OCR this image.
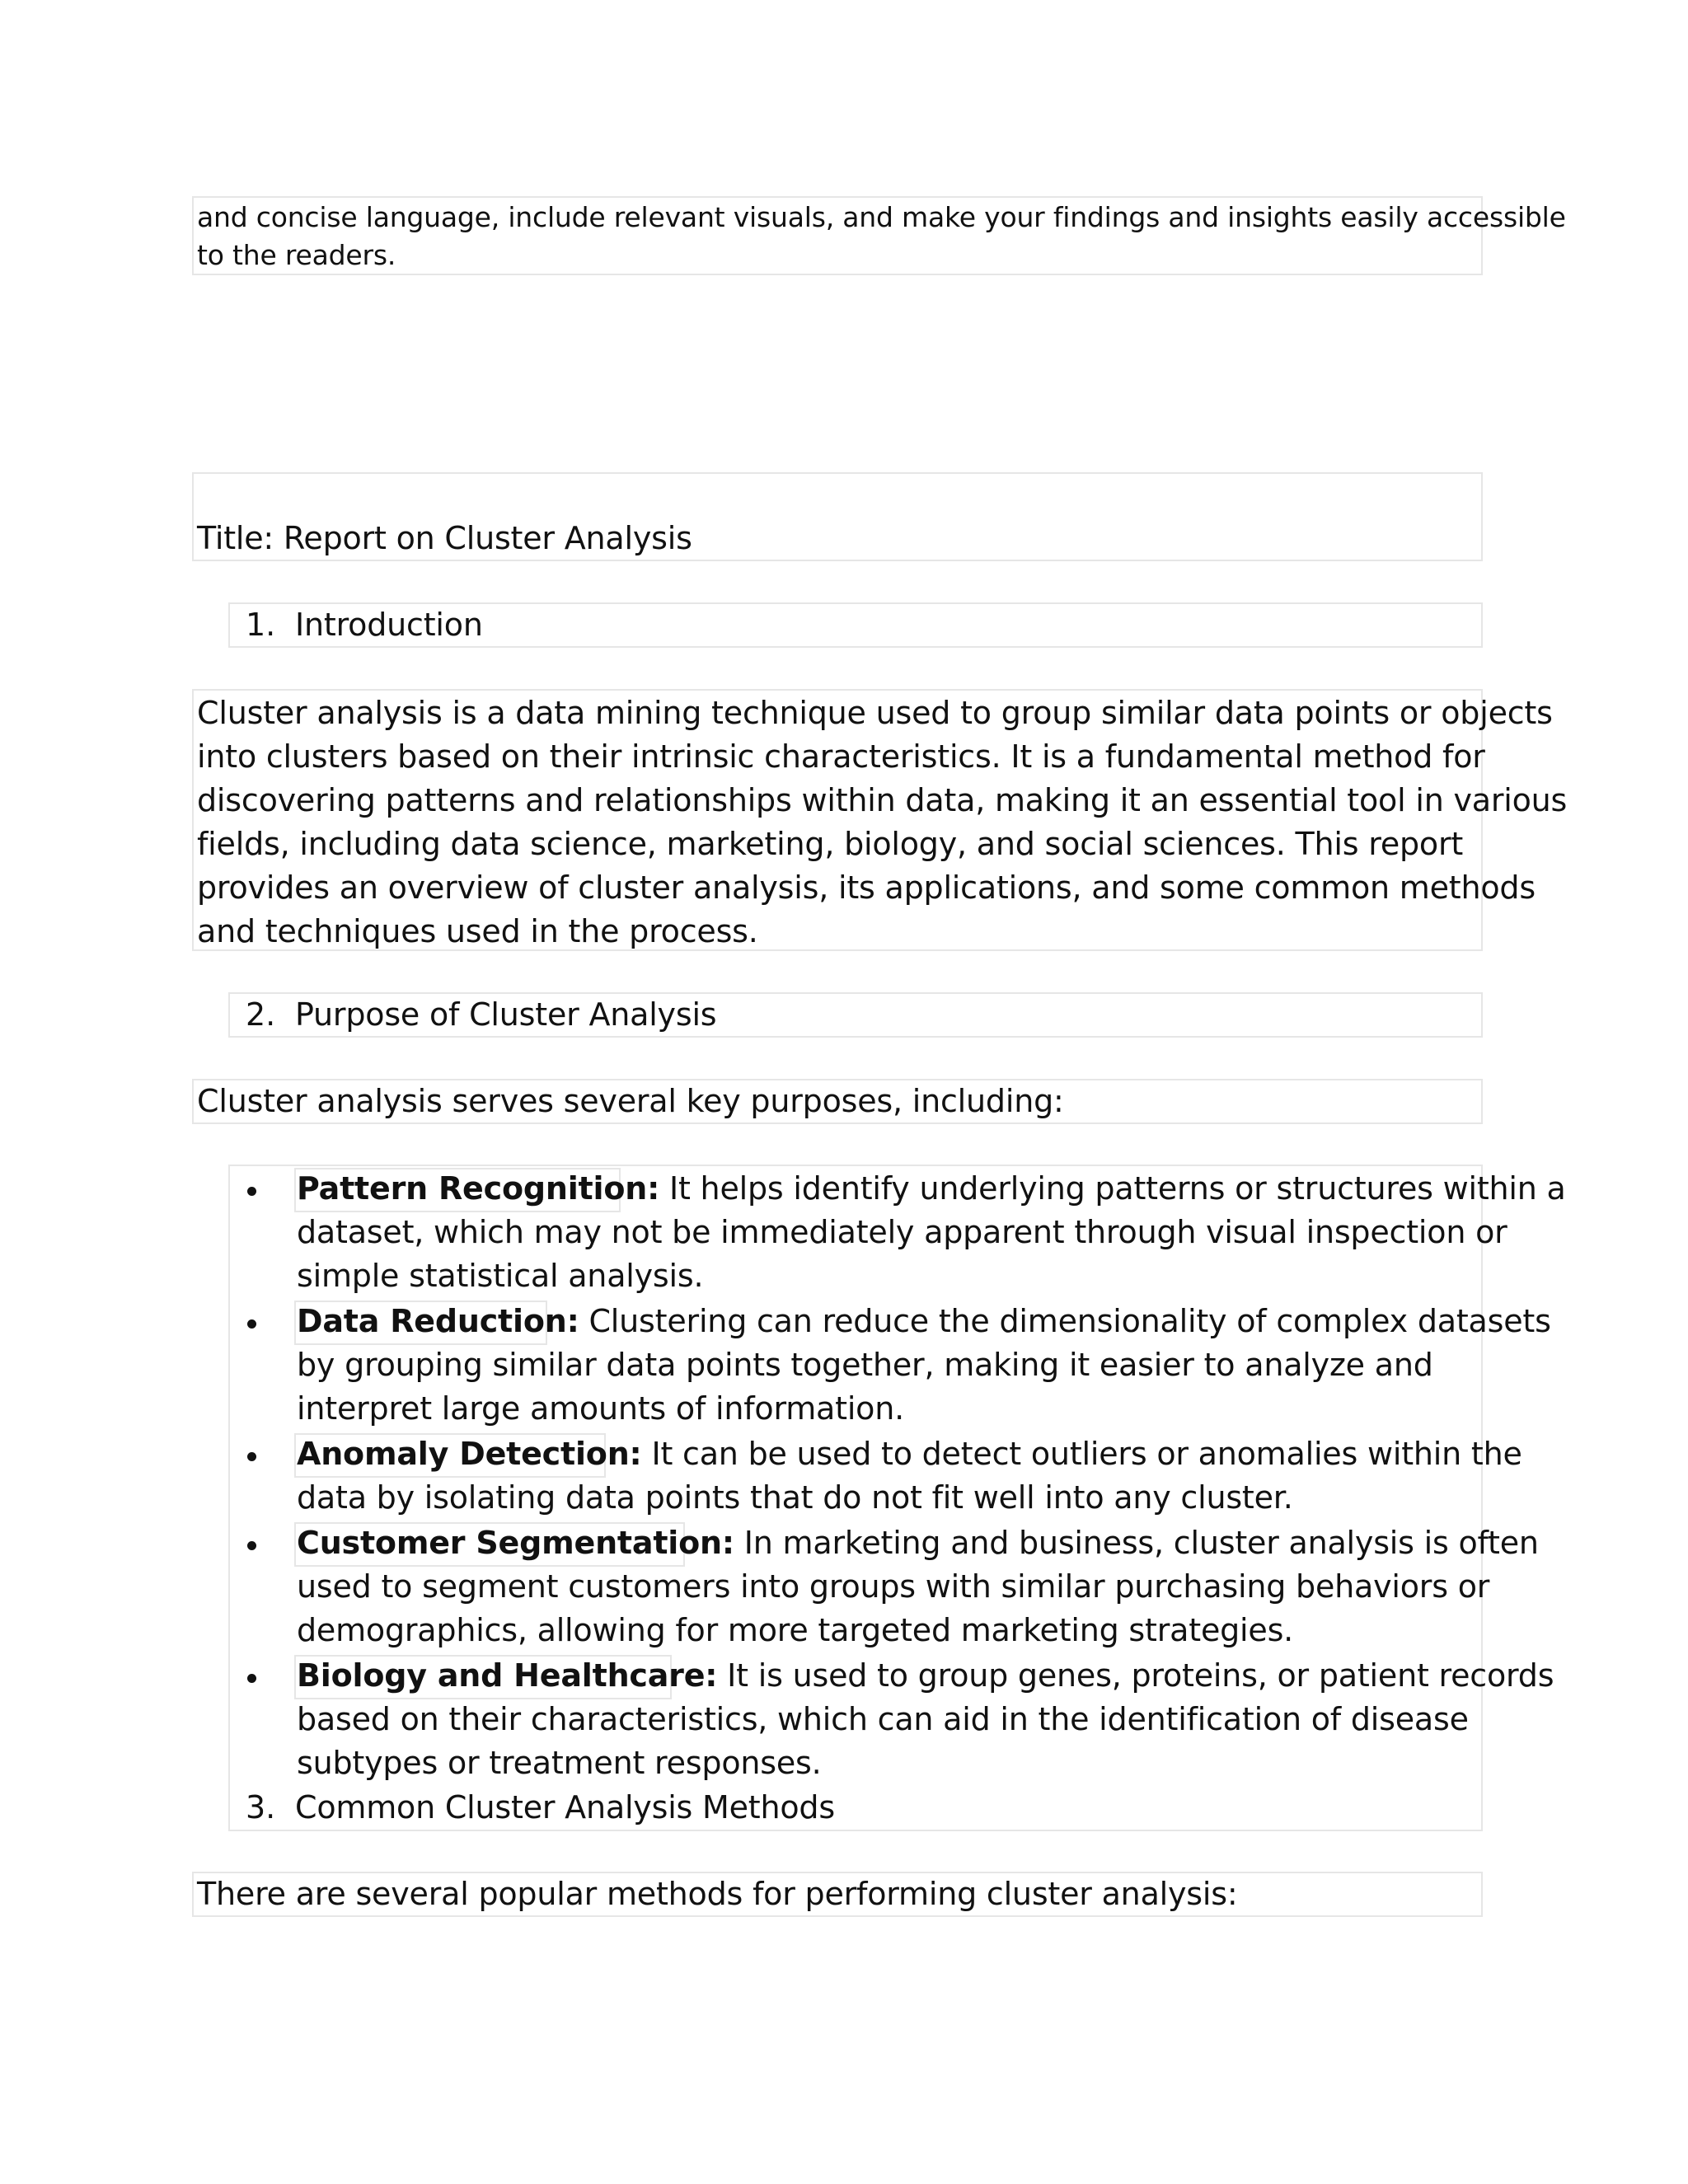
and concise language, include relevant visuals, and make your findings and insights easily accessible
to the readers.
Title: Report on Cluster Analysis
1. Introduction
Cluster analysis is a data mining technique used to group similar data points or objects
into clusters based on their intrinsic characteristics. It is a fundamental method for
discovering patterns and relationships within data, making it an essential tool in various
fields, including data science, marketing, biology, and social sciences. This report
provides an overview of cluster analysis, its applications, and some common methods
and techniques used in the process.
2. Purpose of Cluster Analysis
Cluster analysis serves several key purposes, including:
Pattern Recognition: It helps identify underlying patterns or structures within a
dataset, which may not be immediately apparent through visual inspection or
simple statistical analysis.
Data Reduction: Clustering can reduce the dimensionality of complex datasets
by grouping similar data points together, making it easier to analyze and
interpret large amounts of information.
Anomaly Detection: It can be used to detect outliers or anomalies within the
data by isolating data points that do not fit well into any cluster.
Customer Segmentation: In marketing and business, cluster analysis is often
used to segment customers into groups with similar purchasing behaviors or
demographics, allowing for more targeted marketing strategies.
Biology and Healthcare: It is used to group genes, proteins, or patient records
based on their characteristics, which can aid in the identification of disease
subtypes or treatment responses.
3. Common Cluster Analysis Methods
There are several popular methods for performing cluster analysis:
